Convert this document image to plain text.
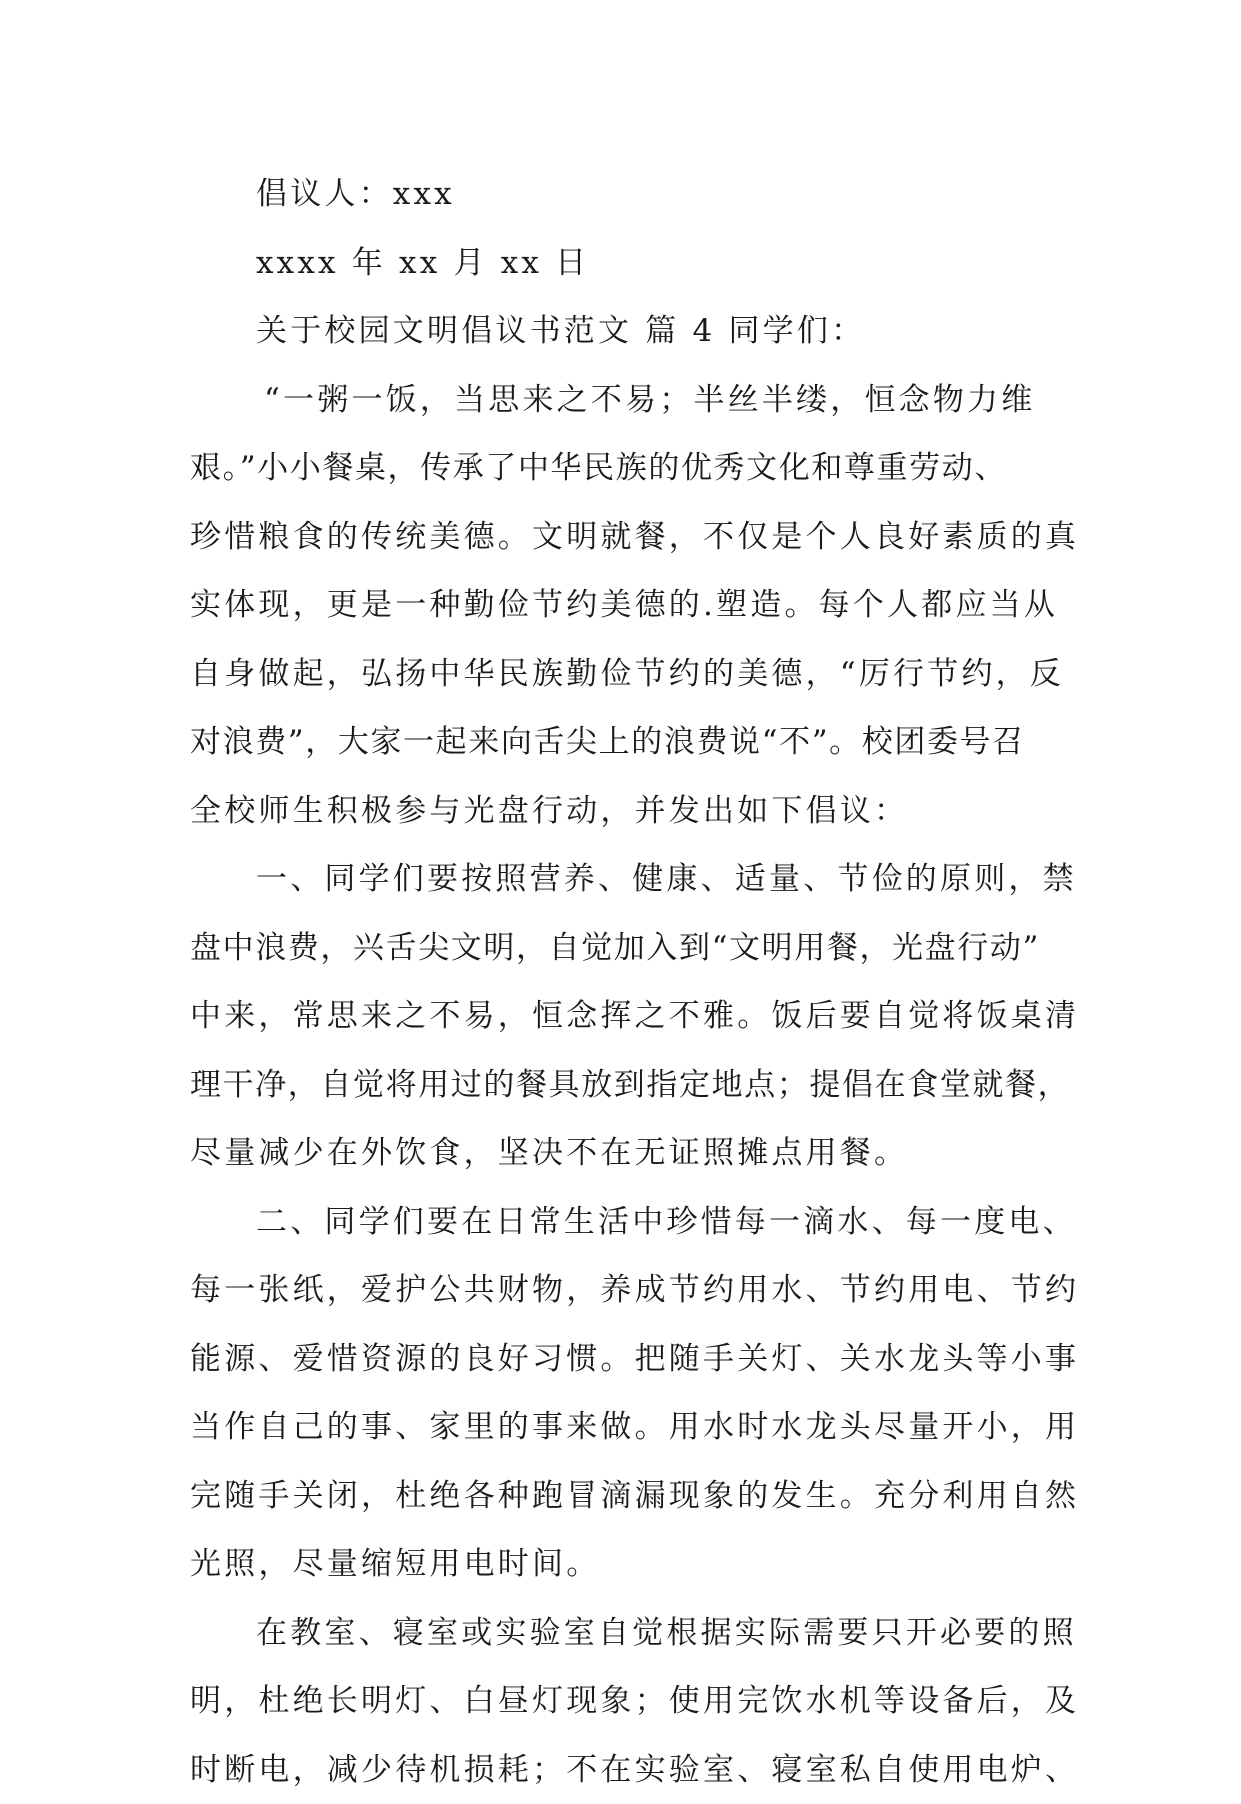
倡议人：xxx
xxxx 年 xx 月 xx 日
关于校园文明倡议书范文 篇 4 同学们：
“一粥一饭，当思来之不易；半丝半缕，恒念物力维
艰。”小小餐桌，传承了中华民族的优秀文化和尊重劳动、
珍惜粮食的传统美德。文明就餐，不仅是个人良好素质的真
实体现，更是一种勤俭节约美德的.塑造。每个人都应当从
自身做起，弘扬中华民族勤俭节约的美德，“厉行节约，反
对浪费”，大家一起来向舌尖上的浪费说“不”。校团委号召
全校师生积极参与光盘行动，并发出如下倡议：
一、同学们要按照营养、健康、适量、节俭的原则，禁
盘中浪费，兴舌尖文明，自觉加入到“文明用餐，光盘行动”
中来，常思来之不易，恒念挥之不雅。饭后要自觉将饭桌清
理干净，自觉将用过的餐具放到指定地点；提倡在食堂就餐，
尽量减少在外饮食，坚决不在无证照摊点用餐。
二、同学们要在日常生活中珍惜每一滴水、每一度电、
每一张纸，爱护公共财物，养成节约用水、节约用电、节约
能源、爱惜资源的良好习惯。把随手关灯、关水龙头等小事
当作自己的事、家里的事来做。用水时水龙头尽量开小，用
完随手关闭，杜绝各种跑冒滴漏现象的发生。充分利用自然
光照，尽量缩短用电时间。
在教室、寝室或实验室自觉根据实际需要只开必要的照
明，杜绝长明灯、白昼灯现象；使用完饮水机等设备后，及
时断电，减少待机损耗；不在实验室、寝室私自使用电炉、
